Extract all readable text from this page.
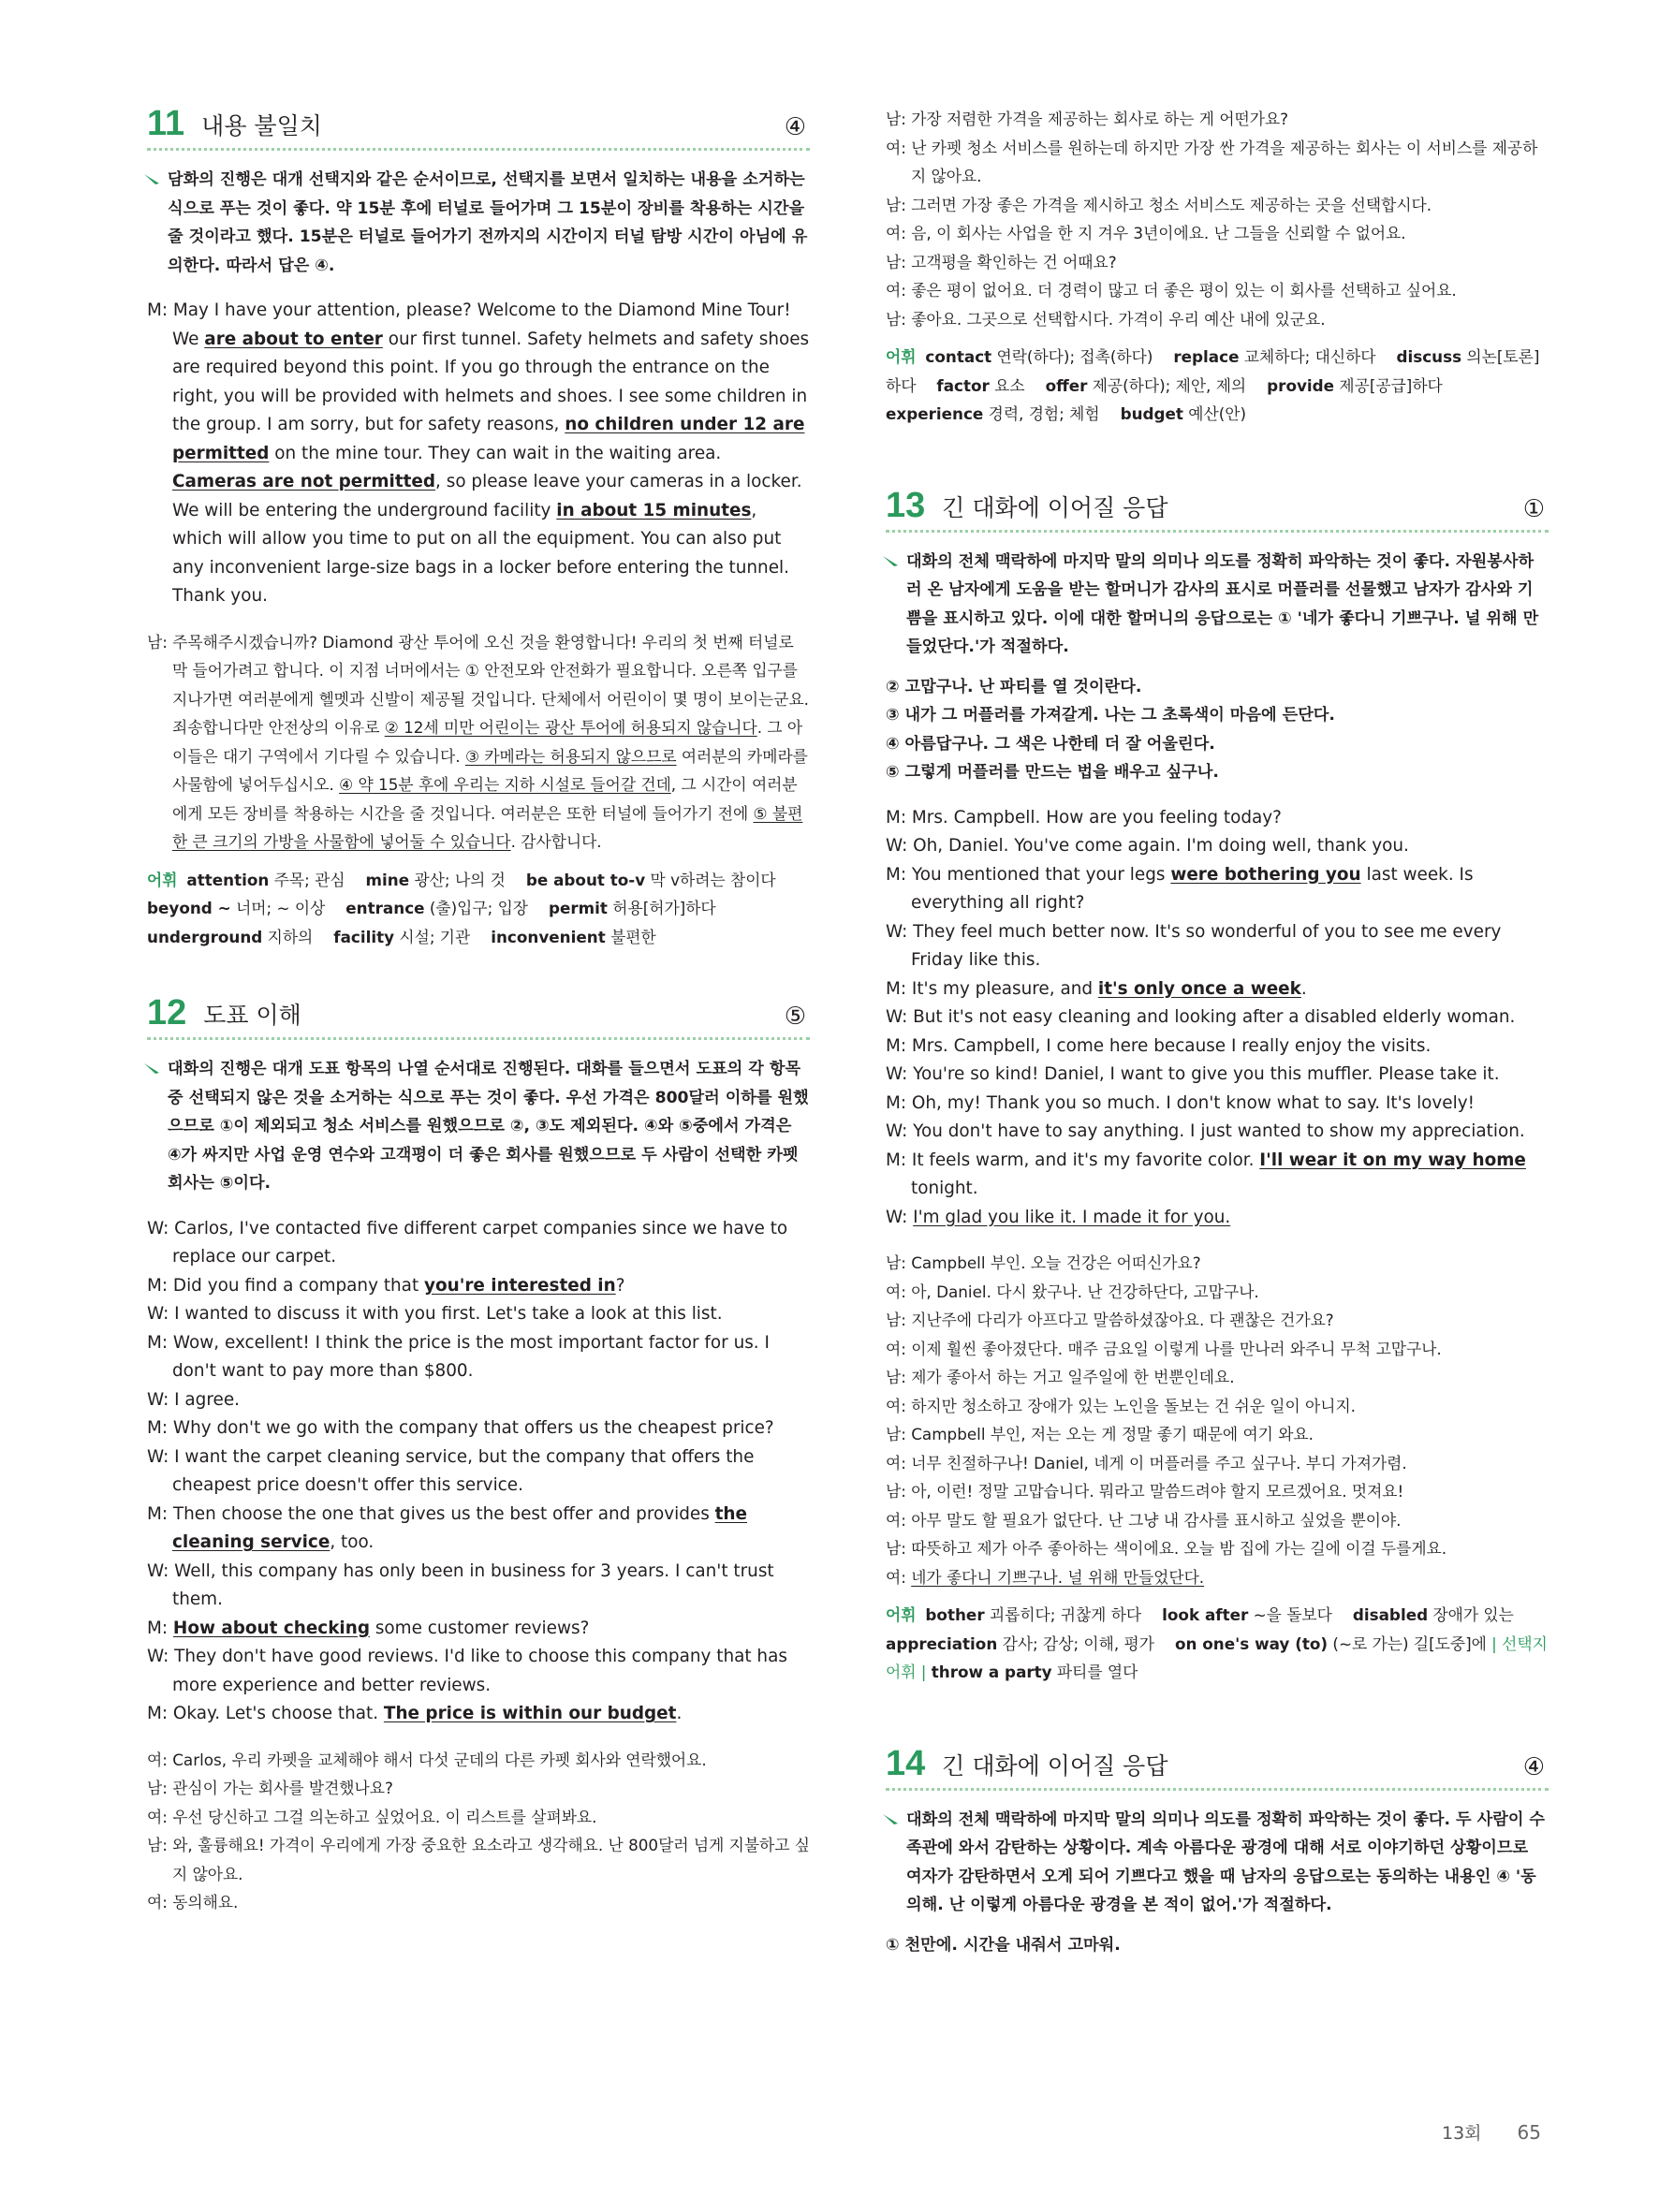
11 내용 불일치	④
담화의 진행은 대개 선택지와 같은 순서이므로, 선택지를 보면서 일치하는 내용을 소거하는 식으로 푸는 것이 좋다. 약 15분 후에 터널로 들어가며 그 15분이 장비를 착용하는 시간을 줄 것이라고 했다. 15분은 터널로 들어가기 전까지의 시간이지 터널 탐방 시간이 아님에 유의한다. 따라서 답은 ④.
M: May I have your attention, please? Welcome to the Diamond Mine Tour! We are about to enter our first tunnel. Safety helmets and safety shoes are required beyond this point. If you go through the entrance on the right, you will be provided with helmets and shoes. I see some children in the group. I am sorry, but for safety reasons, no children under 12 are permitted on the mine tour. They can wait in the waiting area. Cameras are not permitted, so please leave your cameras in a locker. We will be entering the underground facility in about 15 minutes, which will allow you time to put on all the equipment. You can also put any inconvenient large-size bags in a locker before entering the tunnel. Thank you.
남: 주목해주시겠습니까? Diamond 광산 투어에 오신 것을 환영합니다! 우리의 첫 번째 터널로 막 들어가려고 합니다. 이 지점 너머에서는 ① 안전모와 안전화가 필요합니다. 오른쪽 입구를 지나가면 여러분에게 헬멧과 신발이 제공될 것입니다. 단체에서 어린이이 몇 명이 보이는군요. 죄송합니다만 안전상의 이유로 ② 12세 미만 어린이는 광산 투어에 허용되지 않습니다. 그 아이들은 대기 구역에서 기다릴 수 있습니다. ③ 카메라는 허용되지 않으므로 여러분의 카메라를 사물함에 넣어두십시오. ④ 약 15분 후에 우리는 지하 시설로 들어갈 건데, 그 시간이 여러분에게 모든 장비를 착용하는 시간을 줄 것입니다. 여러분은 또한 터널에 들어가기 전에 ⑤ 불편한 큰 크기의 가방을 사물함에 넣어둘 수 있습니다. 감사합니다.
어휘 attention 주목; 관심 mine 광산; 나의 것 be about to-v 막 v하려는 참이다 beyond ~ 너머; ~ 이상 entrance (출)입구; 입장 permit 허용[허가]하다 underground 지하의 facility 시설; 기관 inconvenient 불편한
12 도표 이해	⑤
대화의 진행은 대개 도표 항목의 나열 순서대로 진행된다. 대화를 들으면서 도표의 각 항목 중 선택되지 않은 것을 소거하는 식으로 푸는 것이 좋다. 우선 가격은 800달러 이하를 원했으므로 ①이 제외되고 청소 서비스를 원했으므로 ②, ③도 제외된다. ④와 ⑤중에서 가격은 ④가 싸지만 사업 운영 연수와 고객평이 더 좋은 회사를 원했으므로 두 사람이 선택한 카펫 회사는 ⑤이다.
W: Carlos, I've contacted five different carpet companies since we have to replace our carpet.
M: Did you find a company that you're interested in?
W: I wanted to discuss it with you first. Let's take a look at this list.
M: Wow, excellent! I think the price is the most important factor for us. I don't want to pay more than $800.
W: I agree.
M: Why don't we go with the company that offers us the cheapest price?
W: I want the carpet cleaning service, but the company that offers the cheapest price doesn't offer this service.
M: Then choose the one that gives us the best offer and provides the cleaning service, too.
W: Well, this company has only been in business for 3 years. I can't trust them.
M: How about checking some customer reviews?
W: They don't have good reviews. I'd like to choose this company that has more experience and better reviews.
M: Okay. Let's choose that. The price is within our budget.
여: Carlos, 우리 카펫을 교체해야 해서 다섯 군데의 다른 카펫 회사와 연락했어요.
남: 관심이 가는 회사를 발견했나요?
여: 우선 당신하고 그걸 의논하고 싶었어요. 이 리스트를 살펴봐요.
남: 와, 훌륭해요! 가격이 우리에게 가장 중요한 요소라고 생각해요. 난 800달러 넘게 지불하고 싶지 않아요.
여: 동의해요.
남: 가장 저렴한 가격을 제공하는 회사로 하는 게 어떤가요?
여: 난 카펫 청소 서비스를 원하는데 하지만 가장 싼 가격을 제공하는 회사는 이 서비스를 제공하지 않아요.
남: 그러면 가장 좋은 가격을 제시하고 청소 서비스도 제공하는 곳을 선택합시다.
여: 음, 이 회사는 사업을 한 지 겨우 3년이에요. 난 그들을 신뢰할 수 없어요.
남: 고객평을 확인하는 건 어때요?
여: 좋은 평이 없어요. 더 경력이 많고 더 좋은 평이 있는 이 회사를 선택하고 싶어요.
남: 좋아요. 그곳으로 선택합시다. 가격이 우리 예산 내에 있군요.
어휘 contact 연락(하다); 접촉(하다) replace 교체하다; 대신하다 discuss 의논[토론]하다 factor 요소 offer 제공(하다); 제안, 제의 provide 제공[공급]하다experience 경력, 경험; 체험 budget 예산(안)
13 긴 대화에 이어질 응답	①
대화의 전체 맥락하에 마지막 말의 의미나 의도를 정확히 파악하는 것이 좋다. 자원봉사하러 온 남자에게 도움을 받는 할머니가 감사의 표시로 머플러를 선물했고 남자가 감사와 기쁨을 표시하고 있다. 이에 대한 할머니의 응답으로는 ① '네가 좋다니 기쁘구나. 널 위해 만들었단다.'가 적절하다.
② 고맙구나. 난 파티를 열 것이란다.
③ 내가 그 머플러를 가져갈게. 나는 그 초록색이 마음에 든단다.
④ 아름답구나. 그 색은 나한테 더 잘 어울린다.
⑤ 그렇게 머플러를 만드는 법을 배우고 싶구나.
M: Mrs. Campbell. How are you feeling today?
W: Oh, Daniel. You've come again. I'm doing well, thank you.
M: You mentioned that your legs were bothering you last week. Is everything all right?
W: They feel much better now. It's so wonderful of you to see me every Friday like this.
M: It's my pleasure, and it's only once a week.
W: But it's not easy cleaning and looking after a disabled elderly woman.
M: Mrs. Campbell, I come here because I really enjoy the visits.
W: You're so kind! Daniel, I want to give you this muffler. Please take it.
M: Oh, my! Thank you so much. I don't know what to say. It's lovely!
W: You don't have to say anything. I just wanted to show my appreciation.
M: It feels warm, and it's my favorite color. I'll wear it on my way home tonight.
W: I'm glad you like it. I made it for you.
남: Campbell 부인. 오늘 건강은 어떠신가요?
여: 아, Daniel. 다시 왔구나. 난 건강하단다, 고맙구나.
남: 지난주에 다리가 아프다고 말씀하셨잖아요. 다 괜찮은 건가요?
여: 이제 훨씬 좋아졌단다. 매주 금요일 이렇게 나를 만나러 와주니 무척 고맙구나.
남: 제가 좋아서 하는 거고 일주일에 한 번뿐인데요.
여: 하지만 청소하고 장애가 있는 노인을 돌보는 건 쉬운 일이 아니지.
남: Campbell 부인, 저는 오는 게 정말 좋기 때문에 여기 와요.
여: 너무 친절하구나! Daniel, 네게 이 머플러를 주고 싶구나. 부디 가져가렴.
남: 아, 이런! 정말 고맙습니다. 뭐라고 말씀드려야 할지 모르겠어요. 멋져요!
여: 아무 말도 할 필요가 없단다. 난 그냥 내 감사를 표시하고 싶었을 뿐이야.
남: 따뜻하고 제가 아주 좋아하는 색이에요. 오늘 밤 집에 가는 길에 이걸 두를게요.
여: 네가 좋다니 기쁘구나. 널 위해 만들었단다.
어휘 bother 괴롭히다; 귀찮게 하다 look after ~을 돌보다 disabled 장애가 있는 appreciation 감사; 감상; 이해, 평가 on one's way (to) (~로 가는) 길[도중]에 | 선택지 어휘 | throw a party 파티를 열다
14 긴 대화에 이어질 응답	④
대화의 전체 맥락하에 마지막 말의 의미나 의도를 정확히 파악하는 것이 좋다. 두 사람이 수족관에 와서 감탄하는 상황이다. 계속 아름다운 광경에 대해 서로 이야기하던 상황이므로 여자가 감탄하면서 오게 되어 기쁘다고 했을 때 남자의 응답으로는 동의하는 내용인 ④ '동의해. 난 이렇게 아름다운 광경을 본 적이 없어.'가 적절하다.
① 천만에. 시간을 내줘서 고마워.
13회 65
